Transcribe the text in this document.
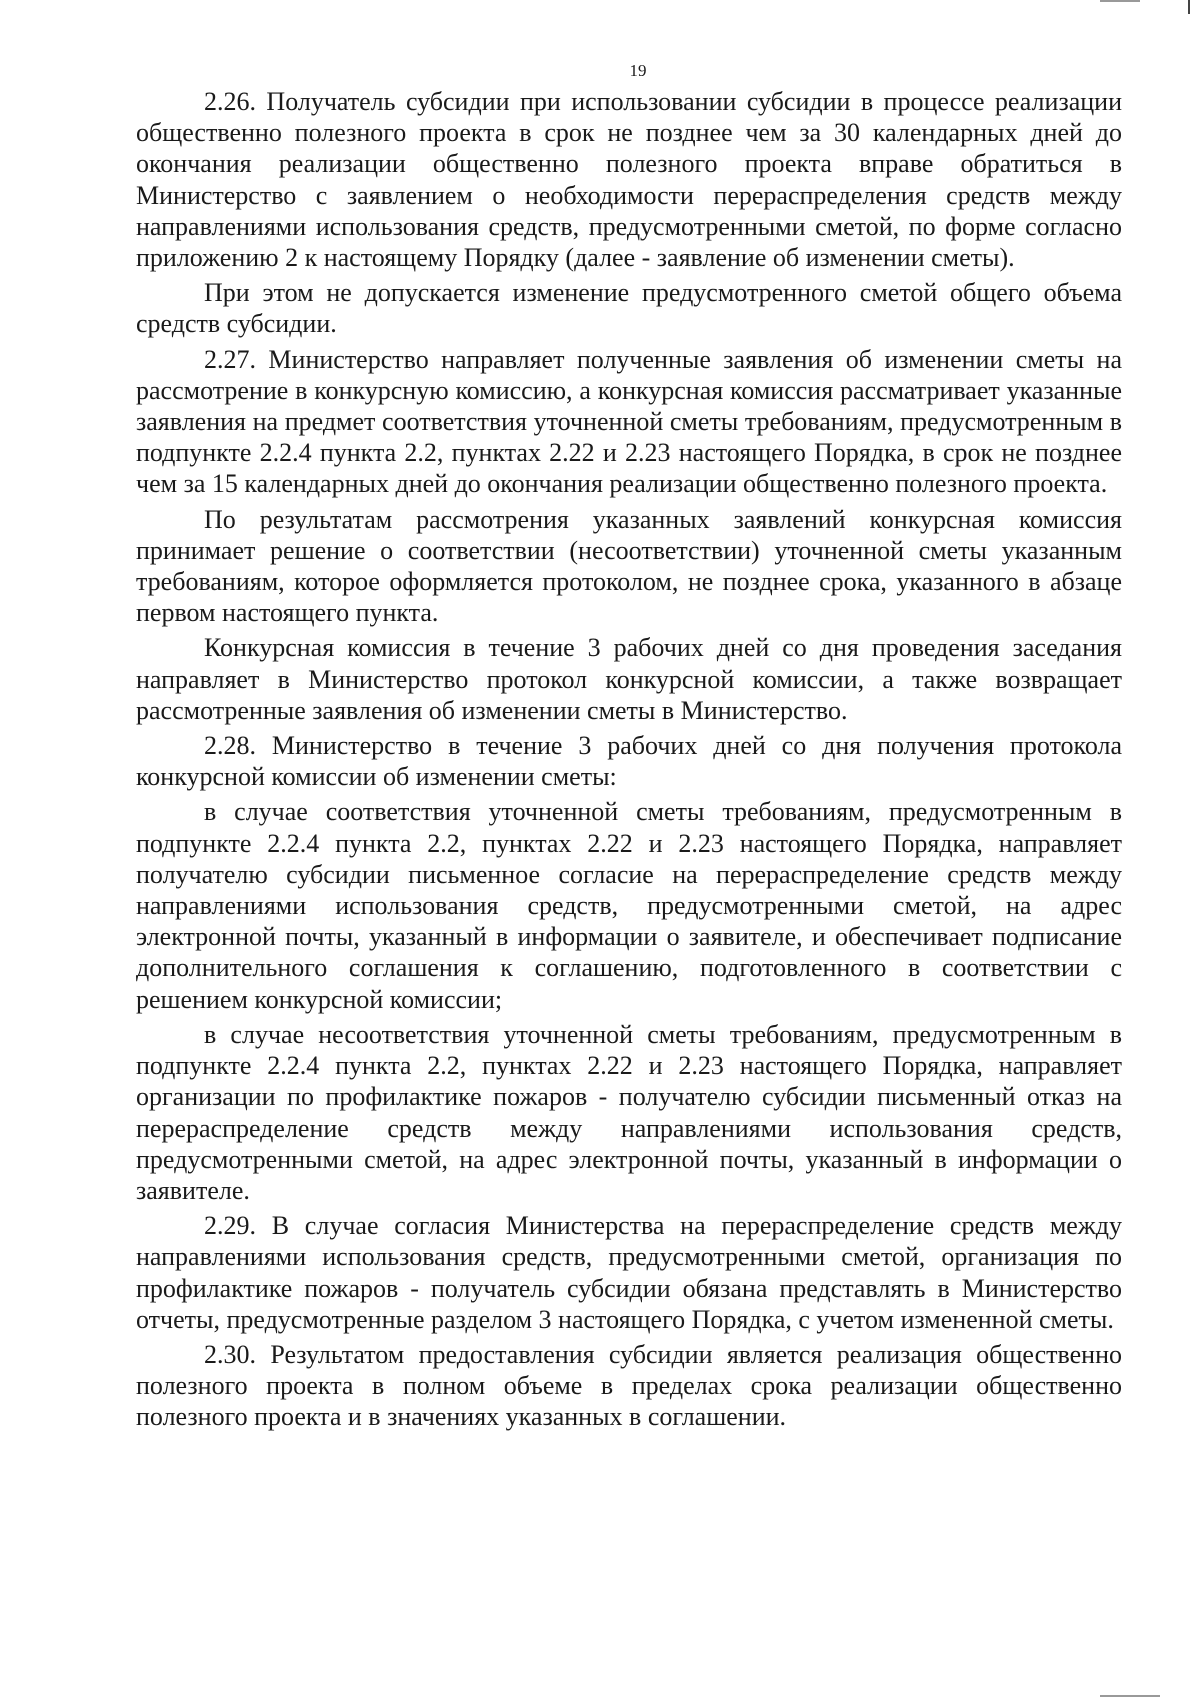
19

2.26. Получатель субсидии при использовании субсидии в процессе реализации общественно полезного проекта в срок не позднее чем за 30 календарных дней до окончания реализации общественно полезного проекта вправе обратиться в Министерство с заявлением о необходимости перераспределения средств между направлениями использования средств, предусмотренными сметой, по форме согласно приложению 2 к настоящему Порядку (далее - заявление об изменении сметы).

При этом не допускается изменение предусмотренного сметой общего объема средств субсидии.

2.27. Министерство направляет полученные заявления об изменении сметы на рассмотрение в конкурсную комиссию, а конкурсная комиссия рассматривает указанные заявления на предмет соответствия уточненной сметы требованиям, предусмотренным в подпункте 2.2.4 пункта 2.2, пунктах 2.22 и 2.23 настоящего Порядка, в срок не позднее чем за 15 календарных дней до окончания реализации общественно полезного проекта.

По результатам рассмотрения указанных заявлений конкурсная комиссия принимает решение о соответствии (несоответствии) уточненной сметы указанным требованиям, которое оформляется протоколом, не позднее срока, указанного в абзаце первом настоящего пункта.

Конкурсная комиссия в течение 3 рабочих дней со дня проведения заседания направляет в Министерство протокол конкурсной комиссии, а также возвращает рассмотренные заявления об изменении сметы в Министерство.

2.28. Министерство в течение 3 рабочих дней со дня получения протокола конкурсной комиссии об изменении сметы:

в случае соответствия уточненной сметы требованиям, предусмотренным в подпункте 2.2.4 пункта 2.2, пунктах 2.22 и 2.23 настоящего Порядка, направляет получателю субсидии письменное согласие на перераспределение средств между направлениями использования средств, предусмотренными сметой, на адрес электронной почты, указанный в информации о заявителе, и обеспечивает подписание дополнительного соглашения к соглашению, подготовленного в соответствии с решением конкурсной комиссии;

в случае несоответствия уточненной сметы требованиям, предусмотренным в подпункте 2.2.4 пункта 2.2, пунктах 2.22 и 2.23 настоящего Порядка, направляет организации по профилактике пожаров - получателю субсидии письменный отказ на перераспределение средств между направлениями использования средств, предусмотренными сметой, на адрес электронной почты, указанный в информации о заявителе.

2.29. В случае согласия Министерства на перераспределение средств между направлениями использования средств, предусмотренными сметой, организация по профилактике пожаров - получатель субсидии обязана представлять в Министерство отчеты, предусмотренные разделом 3 настоящего Порядка, с учетом измененной сметы.

2.30. Результатом предоставления субсидии является реализация общественно полезного проекта в полном объеме в пределах срока реализации общественно полезного проекта и в значениях указанных в соглашении.
